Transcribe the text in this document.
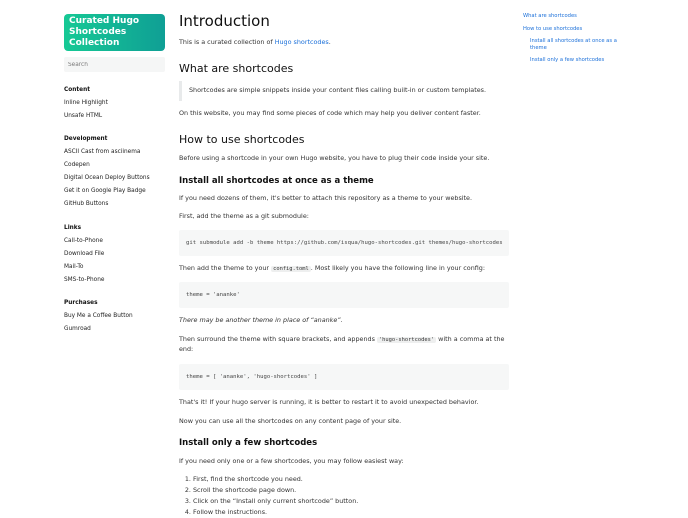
Curated Hugo Shortcodes Collection
Search
Content
Inline Highlight
Unsafe HTML
Development
ASCII Cast from asciinema
Codepen
Digital Ocean Deploy Buttons
Get it on Google Play Badge
GitHub Buttons
Links
Call-to-Phone
Download File
Mail-To
SMS-to-Phone
Purchases
Buy Me a Coffee Button
Gumroad
Introduction

This is a curated collection of Hugo shortcodes.

What are shortcodes
Shortcodes are simple snippets inside your content files calling built-in or custom templates.

On this website, you may find some pieces of code which may help you deliver content faster.

How to use shortcodes

Before using a shortcode in your own Hugo website, you have to plug their code inside your site.

Install all shortcodes at once as a theme

If you need dozens of them, it's better to attach this repository as a theme to your website.

First, add the theme as a git submodule:

git submodule add -b theme https://github.com/isqua/hugo-shortcodes.git themes/hugo-shortcodes

Then add the theme to your config.toml . Most likely you have the following line in your config:

theme = 'ananke'

There may be another theme in place of “ananke”.

Then surround the theme with square brackets, and appends 'hugo-shortcodes' with a comma at the end:

theme = [ 'ananke', 'hugo-shortcodes' ]

That's it! If your hugo server is running, it is better to restart it to avoid unexpected behavior.

Now you can use all the shortcodes on any content page of your site.

Install only a few shortcodes

If you need only one or a few shortcodes, you may follow easiest way:

1. First, find the shortcode you need.
2. Scroll the shortcode page down.
3. Click on the “Install only current shortcode” button.
4. Follow the instructions.
What are shortcodes
How to use shortcodes
Install all shortcodes at once as a theme
Install only a few shortcodes
